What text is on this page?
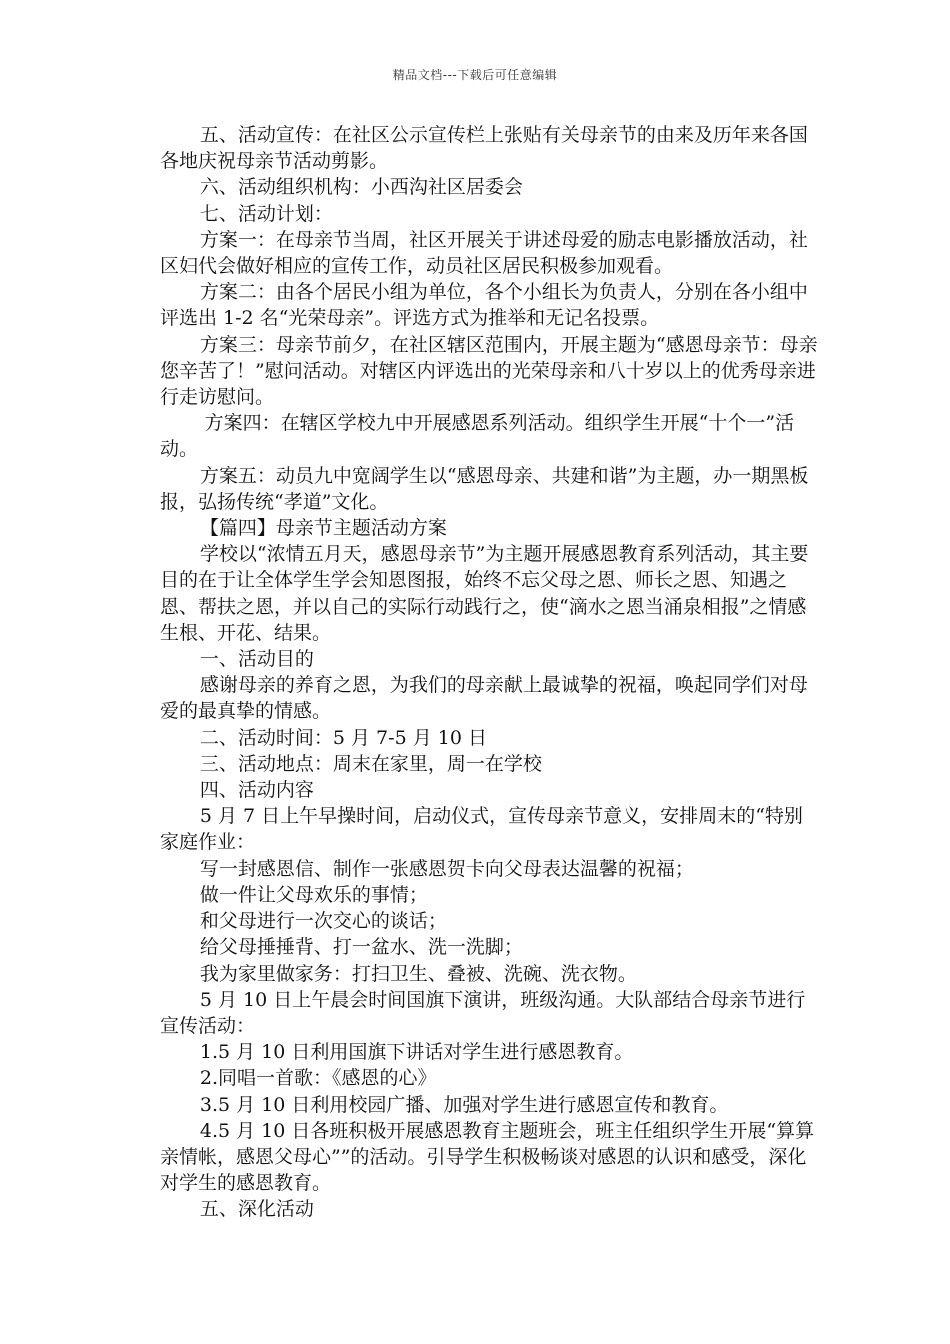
精品文档---下载后可任意编辑

五、活动宣传：在社区公示宣传栏上张贴有关母亲节的由来及历年来各国各地庆祝母亲节活动剪影。

六、活动组织机构：小西沟社区居委会

七、活动计划：

方案一：在母亲节当周，社区开展关于讲述母爱的励志电影播放活动，社区妇代会做好相应的宣传工作，动员社区居民积极参加观看。

方案二：由各个居民小组为单位，各个小组长为负责人，分别在各小组中评选出 1-2 名“光荣母亲”。评选方式为推举和无记名投票。

方案三：母亲节前夕，在社区辖区范围内，开展主题为“感恩母亲节：母亲您辛苦了！”慰问活动。对辖区内评选出的光荣母亲和八十岁以上的优秀母亲进行走访慰问。

方案四：在辖区学校九中开展感恩系列活动。组织学生开展“十个一”活动。

方案五：动员九中宽阔学生以“感恩母亲、共建和谐”为主题，办一期黑板报，弘扬传统“孝道”文化。

【篇四】母亲节主题活动方案

学校以“浓情五月天，感恩母亲节”为主题开展感恩教育系列活动，其主要目的在于让全体学生学会知恩图报，始终不忘父母之恩、师长之恩、知遇之恩、帮扶之恩，并以自己的实际行动践行之，使“滴水之恩当涌泉相报”之情感生根、开花、结果。

一、活动目的

感谢母亲的养育之恩，为我们的母亲献上最诚挚的祝福，唤起同学们对母爱的最真挚的情感。

二、活动时间：5 月 7-5 月 10 日

三、活动地点：周末在家里，周一在学校

四、活动内容

5 月 7 日上午早操时间，启动仪式，宣传母亲节意义，安排周末的“特别家庭作业：

写一封感恩信、制作一张感恩贺卡向父母表达温馨的祝福；

做一件让父母欢乐的事情；

和父母进行一次交心的谈话；

给父母捶捶背、打一盆水、洗一洗脚；

我为家里做家务：打扫卫生、叠被、洗碗、洗衣物。

5 月 10 日上午晨会时间国旗下演讲，班级沟通。大队部结合母亲节进行宣传活动：

1.5 月 10 日利用国旗下讲话对学生进行感恩教育。

2.同唱一首歌：《感恩的心》

3.5 月 10 日利用校园广播、加强对学生进行感恩宣传和教育。

4.5 月 10 日各班积极开展感恩教育主题班会，班主任组织学生开展“算算亲情帐，感恩父母心””的活动。引导学生积极畅谈对感恩的认识和感受，深化对学生的感恩教育。

五、深化活动
